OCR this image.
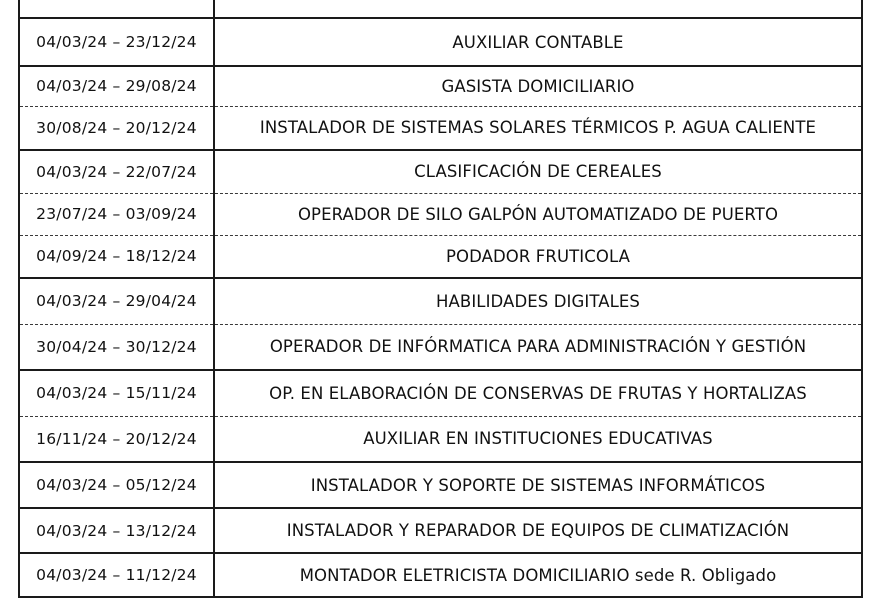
04/03/24 – 23/12/24	AUXILIAR CONTABLE
04/03/24 – 29/08/24	GASISTA DOMICILIARIO
30/08/24 – 20/12/24	INSTALADOR DE SISTEMAS SOLARES TÉRMICOS P. AGUA CALIENTE
04/03/24 – 22/07/24	CLASIFICACIÓN DE CEREALES
23/07/24 – 03/09/24	OPERADOR DE SILO GALPÓN AUTOMATIZADO DE PUERTO
04/09/24 – 18/12/24	PODADOR FRUTICOLA
04/03/24 – 29/04/24	HABILIDADES DIGITALES
30/04/24 – 30/12/24	OPERADOR DE INFÓRMATICA PARA ADMINISTRACIÓN Y GESTIÓN
04/03/24 – 15/11/24	OP. EN ELABORACIÓN DE CONSERVAS DE FRUTAS Y HORTALIZAS
16/11/24 – 20/12/24	AUXILIAR EN INSTITUCIONES EDUCATIVAS
04/03/24 – 05/12/24	INSTALADOR Y SOPORTE DE SISTEMAS INFORMÁTICOS
04/03/24 – 13/12/24	INSTALADOR Y REPARADOR DE EQUIPOS DE CLIMATIZACIÓN
04/03/24 – 11/12/24	MONTADOR ELETRICISTA DOMICILIARIO sede R. Obligado
